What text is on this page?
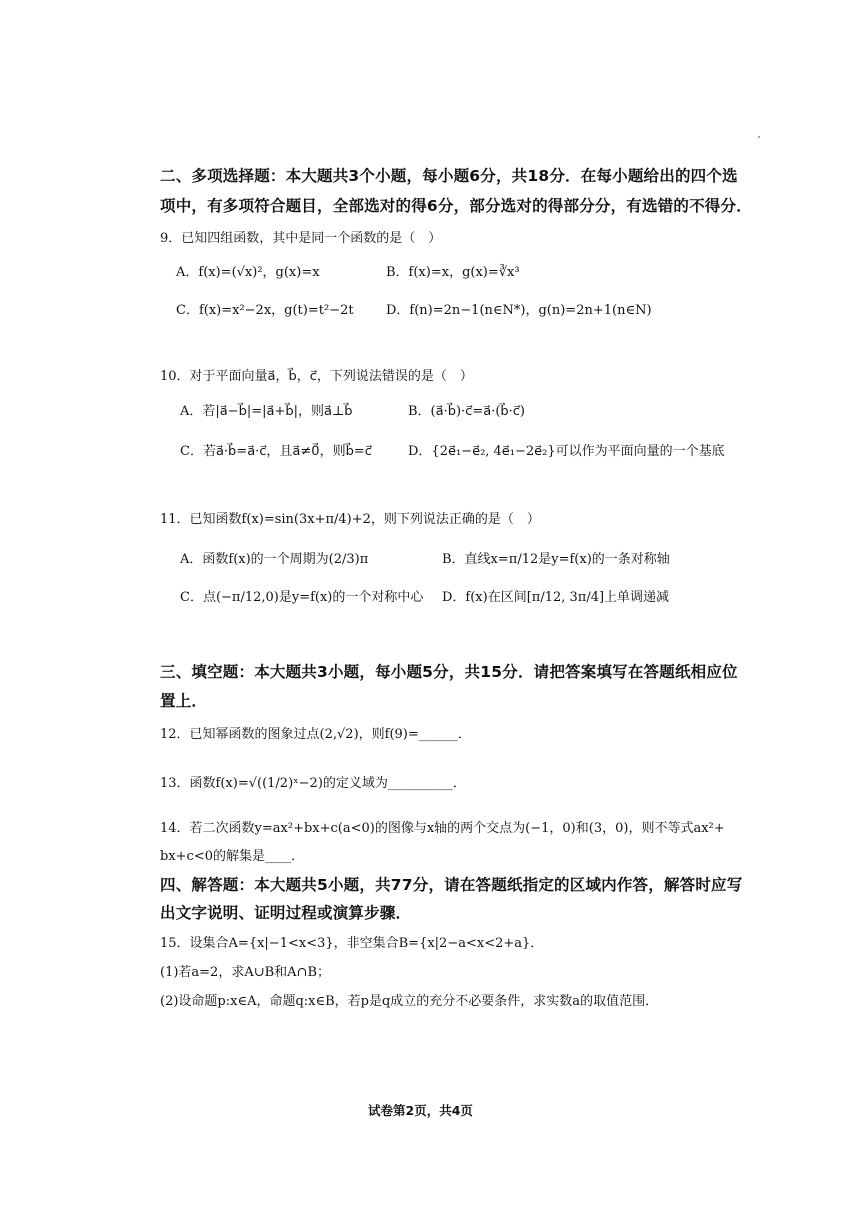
二、多项选择题：本大题共3个小题，每小题6分，共18分．在每小题给出的四个选
项中，有多项符合题目，全部选对的得6分，部分选对的得部分分，有选错的不得分．
9．已知四组函数，其中是同一个函数的是（　）
A．f(x)=(√x)²，g(x)=x	B．f(x)=x，g(x)=∛x³
C．f(x)=x²−2x，g(t)=t²−2t D．f(n)=2n−1(n∈N*)，g(n)=2n+1(n∈N)
10．对于平面向量a⃗，b⃗，c⃗，下列说法错误的是（　）
A．若|a⃗−b⃗|=|a⃗+b⃗|，则a⃗⊥b⃗	B．(a⃗·b⃗)·c⃗=a⃗·(b⃗·c⃗)
C．若a⃗·b⃗=a⃗·c⃗，且a⃗≠0⃗，则b⃗=c⃗	D．{2e⃗₁−e⃗₂, 4e⃗₁−2e⃗₂}可以作为平面向量的一个基底
11．已知函数f(x)=sin(3x+π/4)+2，则下列说法正确的是（　）
A．函数f(x)的一个周期为(2/3)π	B．直线x=π/12是y=f(x)的一条对称轴
C．点(−π/12,0)是y=f(x)的一个对称中心 D．f(x)在区间[π/12, 3π/4]上单调递减
三、填空题：本大题共3小题，每小题5分，共15分．请把答案填写在答题纸相应位
置上．
12．已知幂函数的图象过点(2,√2)，则f(9)=______．
13．函数f(x)=√((1/2)ˣ−2)的定义域为__________．
14．若二次函数y=ax²+bx+c(a<0)的图像与x轴的两个交点为(−1，0)和(3，0)，则不等式ax²+
bx+c<0的解集是____．
四、解答题：本大题共5小题，共77分，请在答题纸指定的区域内作答，解答时应写
出文字说明、证明过程或演算步骤．
15．设集合A={x|−1<x<3}，非空集合B={x|2−a<x<2+a}．
(1)若a=2，求A∪B和A∩B；
(2)设命题p:x∈A，命题q:x∈B，若p是q成立的充分不必要条件，求实数a的取值范围．
试卷第2页，共4页
